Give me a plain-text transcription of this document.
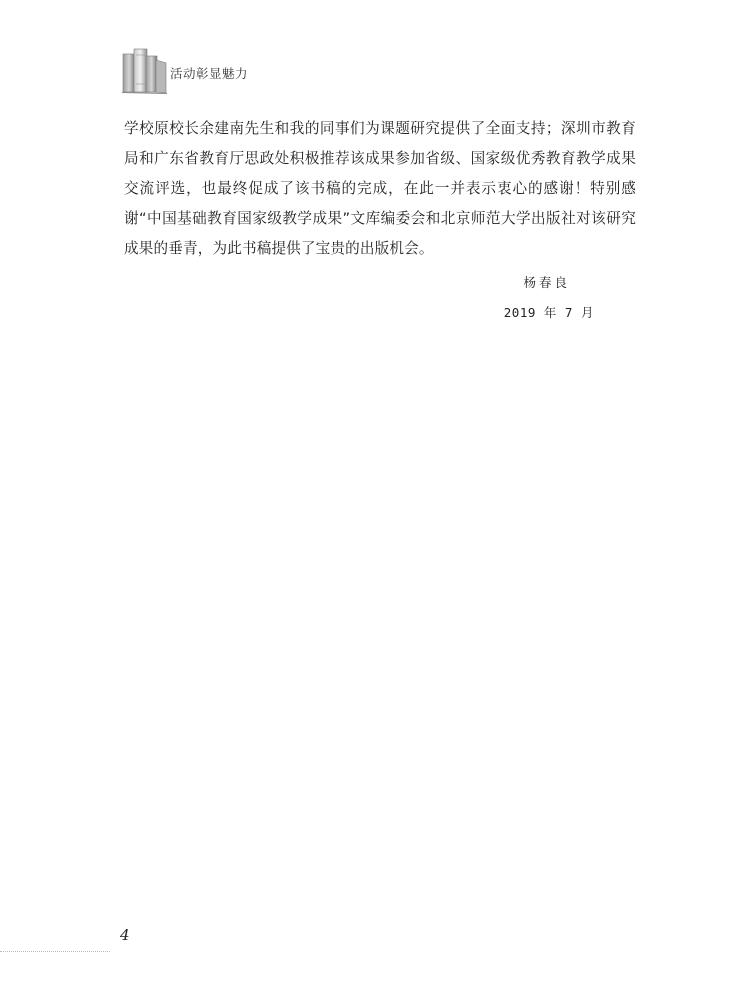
活动彰显魅力

学校原校长余建南先生和我的同事们为课题研究提供了全面支持；深圳市教育局和广东省教育厅思政处积极推荐该成果参加省级、国家级优秀教育教学成果交流评选，也最终促成了该书稿的完成，在此一并表示衷心的感谢！特别感谢“中国基础教育国家级教学成果”文库编委会和北京师范大学出版社对该研究成果的垂青，为此书稿提供了宝贵的出版机会。

杨春良
2019 年 7 月
4
